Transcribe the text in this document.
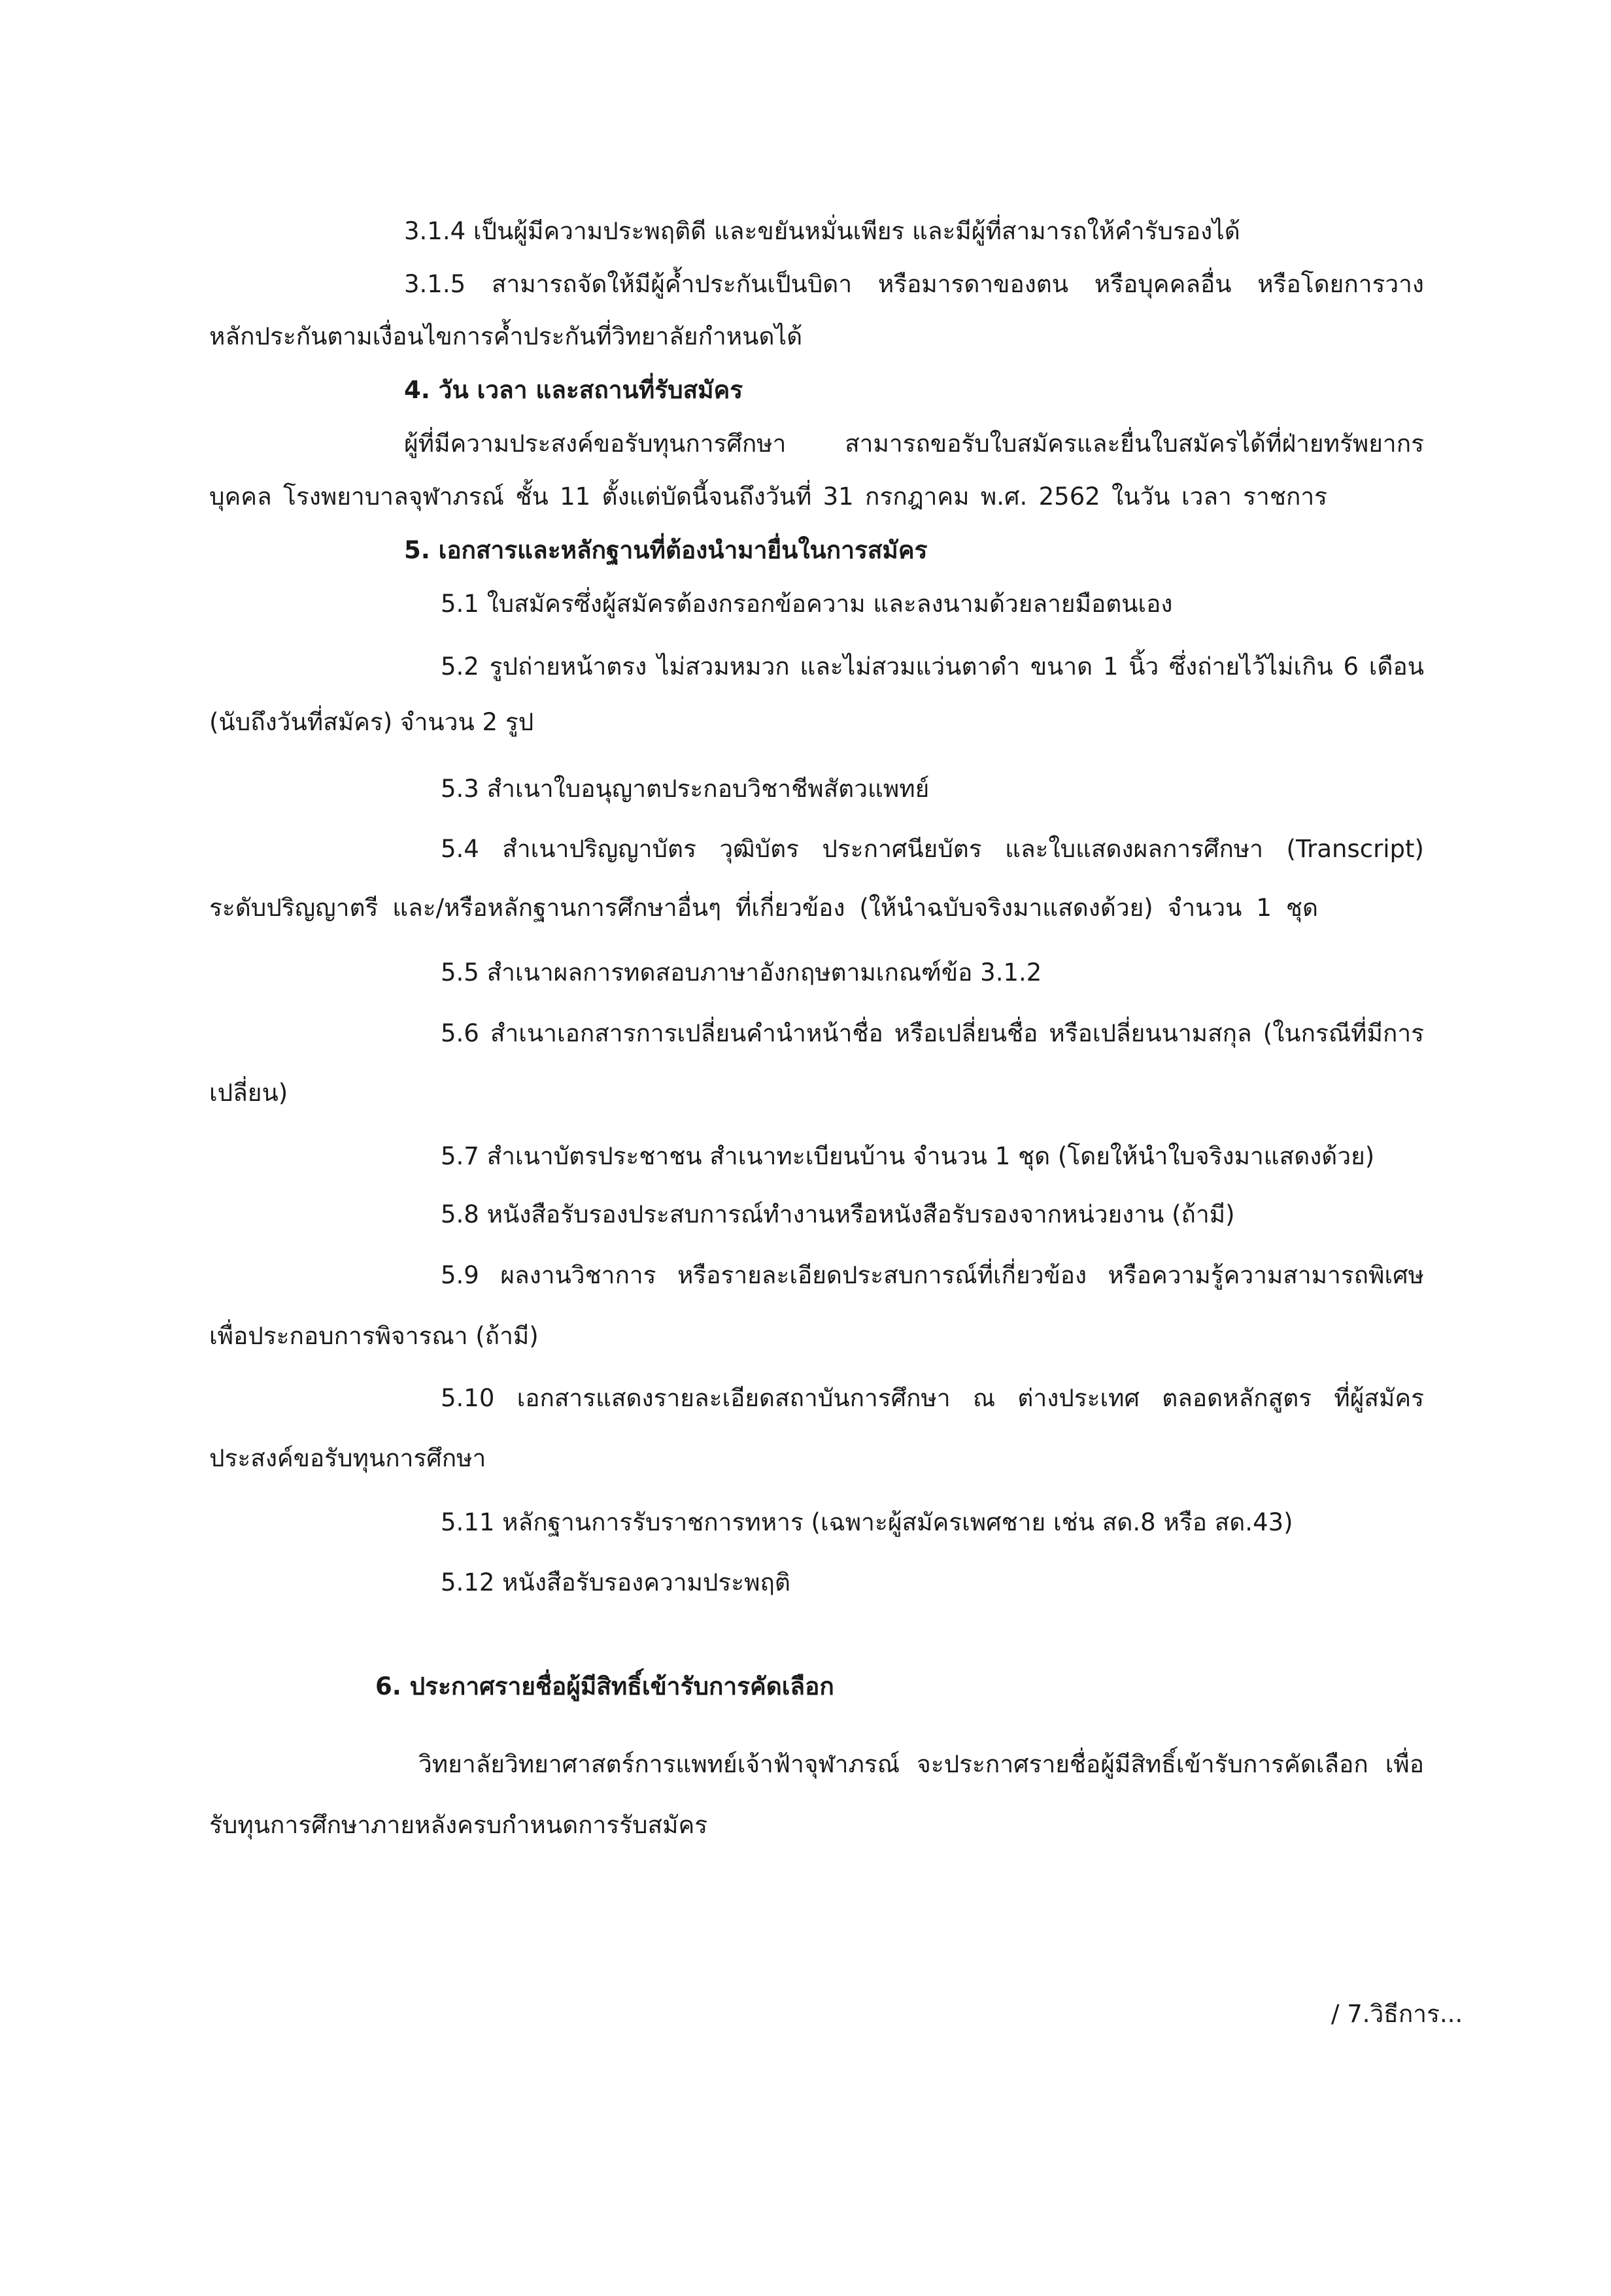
3.1.4 เป็นผู้มีความประพฤติดี และขยันหมั่นเพียร และมีผู้ที่สามารถให้คำรับรองได้
3.1.5 สามารถจัดให้มีผู้ค้ำประกันเป็นบิดา หรือมารดาของตน หรือบุคคลอื่น หรือโดยการวาง
หลักประกันตามเงื่อนไขการค้ำประกันที่วิทยาลัยกำหนดได้
4. วัน เวลา และสถานที่รับสมัคร
ผู้ที่มีความประสงค์ขอรับทุนการศึกษา สามารถขอรับใบสมัครและยื่นใบสมัครได้ที่ฝ่ายทรัพยากร
บุคคล โรงพยาบาลจุฬาภรณ์ ชั้น 11 ตั้งแต่บัดนี้จนถึงวันที่ 31 กรกฎาคม พ.ศ. 2562 ในวัน เวลา ราชการ
5. เอกสารและหลักฐานที่ต้องนำมายื่นในการสมัคร
5.1 ใบสมัครซึ่งผู้สมัครต้องกรอกข้อความ และลงนามด้วยลายมือตนเอง
5.2 รูปถ่ายหน้าตรง ไม่สวมหมวก และไม่สวมแว่นตาดำ ขนาด 1 นิ้ว ซึ่งถ่ายไว้ไม่เกิน 6 เดือน
(นับถึงวันที่สมัคร) จำนวน 2 รูป
5.3 สำเนาใบอนุญาตประกอบวิชาชีพสัตวแพทย์
5.4 สำเนาปริญญาบัตร วุฒิบัตร ประกาศนียบัตร และใบแสดงผลการศึกษา (Transcript)
ระดับปริญญาตรี และ/หรือหลักฐานการศึกษาอื่นๆ ที่เกี่ยวข้อง (ให้นำฉบับจริงมาแสดงด้วย) จำนวน 1 ชุด
5.5 สำเนาผลการทดสอบภาษาอังกฤษตามเกณฑ์ข้อ 3.1.2
5.6 สำเนาเอกสารการเปลี่ยนคำนำหน้าชื่อ หรือเปลี่ยนชื่อ หรือเปลี่ยนนามสกุล (ในกรณีที่มีการ
เปลี่ยน)
5.7 สำเนาบัตรประชาชน สำเนาทะเบียนบ้าน จำนวน 1 ชุด (โดยให้นำใบจริงมาแสดงด้วย)
5.8 หนังสือรับรองประสบการณ์ทำงานหรือหนังสือรับรองจากหน่วยงาน (ถ้ามี)
5.9 ผลงานวิชาการ หรือรายละเอียดประสบการณ์ที่เกี่ยวข้อง หรือความรู้ความสามารถพิเศษ
เพื่อประกอบการพิจารณา (ถ้ามี)
5.10 เอกสารแสดงรายละเอียดสถาบันการศึกษา ณ ต่างประเทศ ตลอดหลักสูตร ที่ผู้สมัคร
ประสงค์ขอรับทุนการศึกษา
5.11 หลักฐานการรับราชการทหาร (เฉพาะผู้สมัครเพศชาย เช่น สด.8 หรือ สด.43)
5.12 หนังสือรับรองความประพฤติ
6. ประกาศรายชื่อผู้มีสิทธิ์เข้ารับการคัดเลือก
วิทยาลัยวิทยาศาสตร์การแพทย์เจ้าฟ้าจุฬาภรณ์ จะประกาศรายชื่อผู้มีสิทธิ์เข้ารับการคัดเลือก เพื่อ
รับทุนการศึกษาภายหลังครบกำหนดการรับสมัคร
/ 7.วิธีการ...
